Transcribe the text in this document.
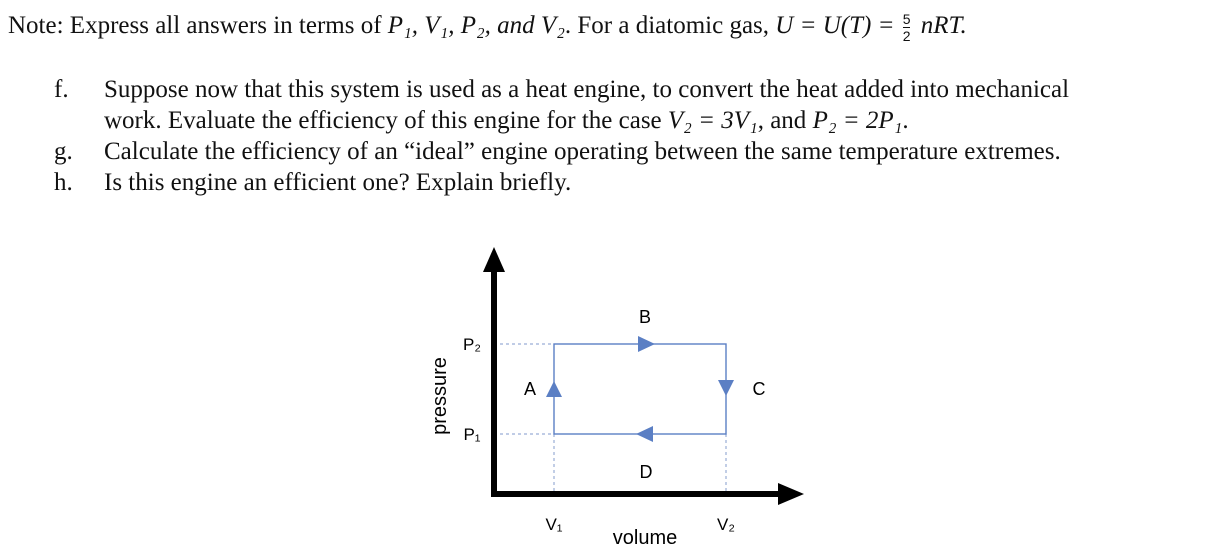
Note: Express all answers in terms of P₁, V₁, P₂, and V₂. For a diatomic gas, $U = U(T) = \frac{5}{2}$ nRT.
f. Suppose now that this system is used as a heat engine, to convert the heat added into mechanical
work. Evaluate the efficiency of this engine for the case V₂ = 3V₁, and P₂ = 2P₁.
g. Calculate the efficiency of an “ideal” engine operating between the same temperature extremes.
h. Is this engine an efficient one? Explain briefly.
P₂
P₁
V₁	V₂
volume
pressure	A
B
C
D
